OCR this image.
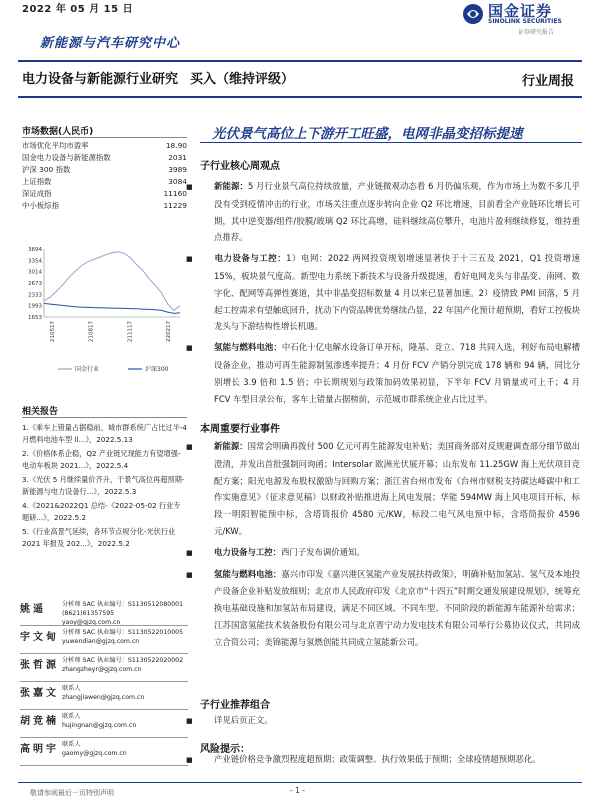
2022 年 05 月 15 日	国金证券
SINOLINK SECURITIES
证券研究报告
新能源与汽车研究中心
电力设备与新能源行业研究 买入（维持评级）	行业周报
市场数据(人民币)
市场优化平均市盈率	18.90
国金电力设备与新能源指数	2031
沪深 300 指数	3989
上证指数	3084
深证成指	11160
中小板综指	11229
3694
3354
3014
2673
2333
1993
1653
210517	210817	211117	220217
国金行业	沪深300
相关报告
1.《乘车上错量占据稳前，城市群系统广占比过半-4 月燃料电池车型 ll...》，2022.5.13
2.《价格体系企稳，Q2 产业链兄现能力有望增强-电动车板块 2021...》，2022.5.4
3.《光伏 5 月继续量价齐升，于景气高位再超预期-新能源与电力设备行...》，2022.5.3
4.《2021&2022Q1 总结-《2022-05-02 行业专题研...》，2022.5.2
5.《行业高景气延续，各环节点规分化-光伏行业 2021 年报及 202...》，2022.5.2
姚遥	分析师 SAC 执业编号：S1130512080001
(8621)61357595
yaoy@gjzq.com.cn
宇文甸 分析师 SAC 执业编号：S1130522010005
yuwendian@gjzq.com.cn
张哲源 分析师 SAC 执业编号：S1130522020002
zhangzheyr@gjzq.com.cn
张嘉文 联系人
zhangjiawen@gjzq.com.cn
胡竞楠 联系人
hujingnan@gjzq.com.cn
高明宇 联系人
gaomy@gjzq.com.cn
光伏景气高位上下游开工旺盛，电网非晶变招标提速
子行业核心周观点
■	新能源：5 月行业景气高位持续放量，产业链微观动态看 6 月仍偏乐观，作为市场上为数不多几乎没有受到疫情冲击的行业，市场关注重点逐步转向企业 Q2 环比增速，目前看全产业链环比增长可期，其中逆变器/组件/胶膜/玻璃 Q2 环比高增，硅料继续高位攀升，电池片盈利继续修复，维持重点推荐。
■	电力设备与工控：1）电网：2022 两网投资规划增速显著快于十三五及 2021，Q1 投资增速 15%，板块景气度高。新型电力系统下新技术与设备升级提速，看好电网龙头与非晶变、南网、数字化、配网等高弹性赛道，其中非晶变招标数量 4 月以来已显著加速。2）疫情致 PMI 回落，5 月起工控需求有望触底回升，扰动下内资品牌优势继续凸显，22 年国产化预计超预期，看好工控板块龙头与下游结构性增长机遇。
■	氢能与燃料电池：中石化十亿电解水设备订单开标，隆基、竞立、718 共同入选，利好布局电解槽设备企业，推动可再生能源制氢渗透率提升；4 月份 FCV 产销分别完成 178 辆和 94 辆，同比分别增长 3.9 倍和 1.5 倍；中长期规划与政策加码效果初显，下半年 FCV 月销量或可上千；4 月 FCV 车型目录公布，客车上错量占据榜前，示范城市群系统企业占比过半。
本周重要行业事件
■	新能源：国常会明确再拨付 500 亿元可再生能源发电补贴；美国商务部对反规避调查部分细节做出澄清，并发出首批强制问询函；Intersolar 欧洲光伏展开幕；山东发布 11.25GW 海上光伏项目竞配方案；阳光电源发布股权激励与回购方案；浙江省台州市发布《台州市财税支持碳达峰碳中和工作实施意见》（征求意见稿）以财政补贴推进海上风电发展；华能 594MW 海上风电项目开标，标段一明阳智能预中标，含塔筒报价 4580 元/KW，标段二电气风电预中标，含塔筒报价 4596 元/KW。
■	电力设备与工控：西门子发布调价通知。
■	氢能与燃料电池：嘉兴市印发《嘉兴港区氢能产业发展扶持政策》，明确补贴加氢站、氢气及本地投产设备企业补贴发放细则；北京市人民政府印发《北京市“十四五”时期交通发展建设规划》，统筹充换电基础设施和加氢站布局建设，满足不同区域、不同车型、不同阶段的新能源车能源补给需求；江苏国富氢能技术装备股份有限公司与北京晋宁动力发电技术有限公司举行公募协议仪式，共同成立合资公司；美锦能源与氢燃创能共同成立氢能新公司。
子行业推荐组合
■	详见后页正文。
风险提示：
■	产业链价格竞争激烈程度超预期；政策调整、执行效果低于预期；全球疫情超预期恶化。
敬请参阅最后一页特别声明	- 1 -
